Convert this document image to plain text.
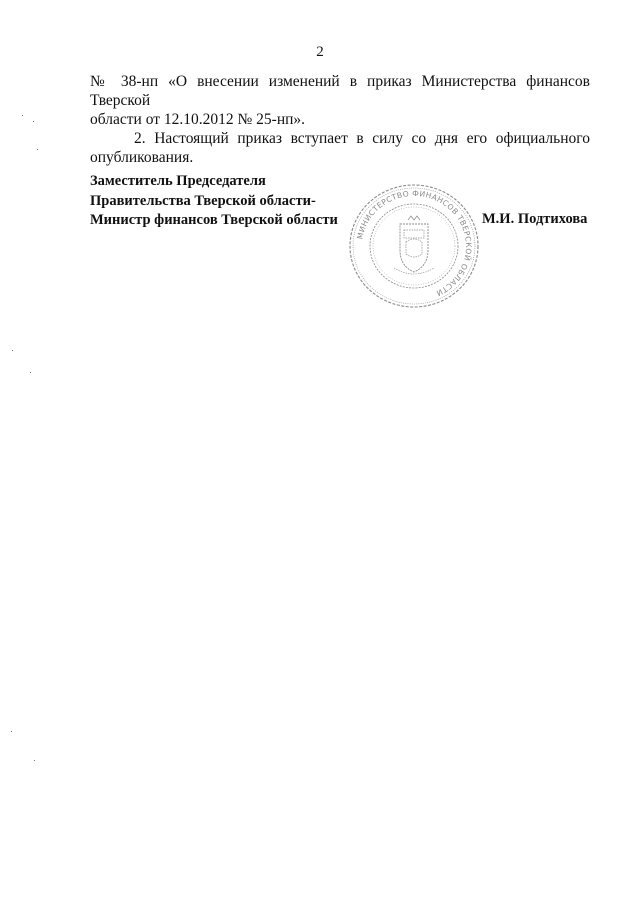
2

№ 38-нп «О внесении изменений в приказ Министерства финансов Тверской
области от 12.10.2012 № 25-нп».

2. Настоящий приказ вступает в силу со дня его официального
опубликования.

Заместитель Председателя
Правительства Тверской области-
Министр финансов Тверской области
МИНИСТЕРСТВО ФИНАНСОВ ТВЕРСКОЙ ОБЛАСТИ
М.И. Подтихова
